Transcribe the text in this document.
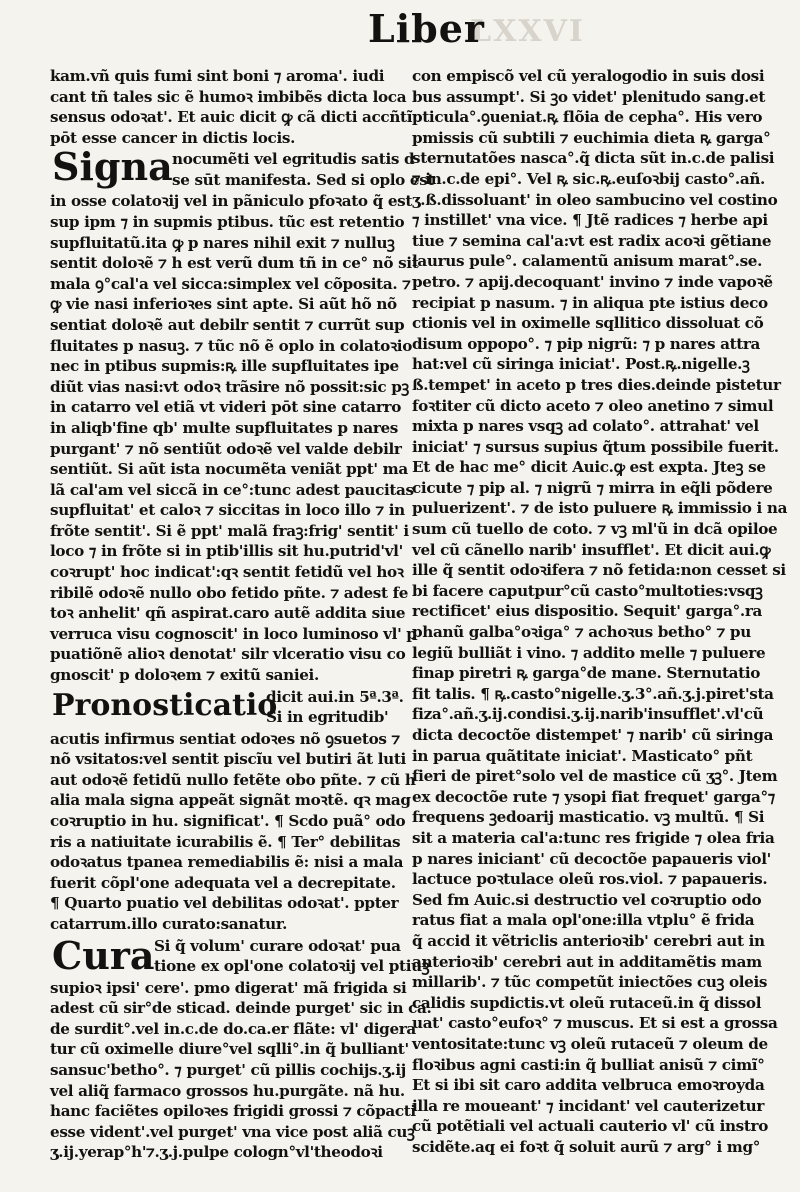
LXXVI
Liber
kam.vñ quis fumi sint boni ⁊ aroma'. iudi
cant tñ tales sic ẽ humoꝛ imbibẽs dicta loca
sensus odoꝛat'. Et auic dicit ꝙ cã dicti accñtĩ
pōt esse cancer in dictis locis.
Signa nocumẽti vel egritudis satis d
se sūt manifesta. Sed si oplo est
in osse colatoꝛij vel in pãniculo pfoꝛato q̃ est
sup ipm ⁊ in supmis ptibus. tũc est retentio
supfluitatũ.ita ꝙ p nares nihil exit ⁊ nulluꝫ
sentit doloꝛẽ ⁊ h est verũ dum tñ in ce° nõ sit
mala ꝯ°cal'a vel sicca:simplex vel cõposita. ⁊
ꝙ vie nasi inferioꝛes sint apte. Si aũt hõ nõ
sentiat doloꝛẽ aut debilr sentit ⁊ currũt sup
fluitates p nasuꝫ. ⁊ tũc nõ ẽ oplo in colatoꝛio
nec in ptibus supmis:ꝶ ille supfluitates ipe
diũt vias nasi:vt odoꝛ trãsire nõ possit:sic pꝫ
in catarro vel etiã vt videri pōt sine catarro
in aliqb'fine qb' multe supfluitates p nares
purgant' ⁊ nõ sentiũt odoꝛẽ vel valde debilr
sentiũt. Si aũt ista nocumẽta veniãt ppt' ma
lã cal'am vel siccã in ce°:tunc adest paucitas
supfluitat' et caloꝛ ⁊ siccitas in loco illo ⁊ in
frõte sentit'. Si ẽ ppt' malã fraꝫ:frig' sentit' i
loco ⁊ in frõte si in ptib'illis sit hu.putrid'vl'
coꝛrupt' hoc indicat':qꝛ sentit fetidũ vel hoꝛ
ribilẽ odoꝛẽ nullo obo fetido pñte. ⁊ adest fe
toꝛ anhelit' qñ aspirat.caro autẽ addita siue
verruca visu cognoscit' in loco luminoso vl' p
puatiõnẽ alioꝛ denotat' silr vlceratio visu co
gnoscit' p doloꝛem ⁊ exitũ saniei.
Pronosticatio
dicit aui.in 5ª.3ª.
Si in egritudib'
acutis infirmus sentiat odoꝛes nõ ꝯsuetos ⁊
nõ vsitatos:vel sentit piscĩu vel butiri ãt luti
aut odoꝛẽ fetidũ nullo fetẽte obo pñte. ⁊ cũ h
alia mala signa appeãt signãt moꝛtẽ. qꝛ mag
coꝛruptio in hu. significat'. ¶ Scdo puã° odo
ris a natiuitate icurabilis ẽ. ¶ Ter° debilitas
odoꝛatus tpanea remediabilis ẽ: nisi a mala
fuerit cõpl'one adequata vel a decrepitate.
¶ Quarto puatio vel debilitas odoꝛat'. ppter
catarrum.illo curato:sanatur.
Cura Si q̃ volum' curare odoꝛat' pua
tione ex opl'one colatoꝛij vel ptiuꝫ
supioꝛ ipsi' cere'. pmo digerat' mã frigida si
adest cũ sir°de sticad. deinde purget' sic in ca.
de surdit°.vel in.c.de do.ca.er flãte: vl' digera
tur cũ oximelle diure°vel sqlli°.in q̃ bulliant'
sansuc'betho°. ⁊ purget' cũ pillis cochijs.ʒ.ij
vel aliq̃ farmaco grossos hu.purgãte. nã hu.
hanc faciẽtes opiloꝛes frigidi grossi ⁊ cõpacti
esse vident'.vel purget' vna vice post aliã cuꝫ
ʒ.ij.yerap°h'⁊.ʒ.j.pulpe cologn°vl'theodoꝛi
con empiscõ vel cũ yeralogodio in suis dosi
bus assumpt'. Si ꝫo videt' plenitudo sang.et
pticula°.ꝯueniat.ꝶ flõia de cepha°. His vero
pmissis cũ subtili ⁊ euchimia dieta ꝶ garga°
sternutatões nasca°.q̃ dicta sũt in.c.de palisi
⁊ in.c.de epi°. Vel ꝶ sic.ꝶ.euſoꝛbij casto°.añ.
ʒ.ß.dissoluant' in oleo sambucino vel costino
⁊ instillet' vna vice. ¶ Jtẽ radices ⁊ herbe api
tiue ⁊ semina cal'a:vt est radix acoꝛi gẽtiane
laurus pule°. calamentũ anisum marat°.se.
petro. ⁊ apij.decoquant' invino ⁊ inde vapoꝛẽ
recipiat p nasum. ⁊ in aliqua pte istius deco
ctionis vel in oximelle sqllitico dissoluat cõ
disum oppopo°. ⁊ pip nigrũ: ⁊ p nares attra
hat:vel cũ siringa iniciat'. Post.ꝶ.nigelle.ꝫ
ß.tempet' in aceto p tres dies.deinde pistetur
foꝛtiter cũ dicto aceto ⁊ oleo anetino ⁊ simul
mixta p nares vsqꝫ ad colato°. attrahat' vel
iniciat' ⁊ sursus supius q̃tum possibile fuerit.
Et de hac me° dicit Auic.ꝙ est expta. Jteꝫ se
cicute ⁊ pip al. ⁊ nigrũ ⁊ mirra in eq̃li põdere
puluerizent'. ⁊ de isto puluere ꝶ immissio i na
sum cũ tuello de coto. ⁊ vꝫ ml'ũ in dcã opiloe
vel cũ cãnello narib' insufflet'. Et dicit aui.ꝙ
ille q̃ sentit odoꝛifera ⁊ nõ fetida:non cesset si
bi facere caputpur°cũ casto°multoties:vsqꝫ
rectificet' eius dispositio. Sequit' garga°.ra
phanũ galba°oꝛiga° ⁊ achoꝛus betho° ⁊ pu
legiũ bulliãt i vino. ⁊ addito melle ⁊ puluere
finap piretri ꝶ garga°de mane. Sternutatio
fit talis. ¶ ꝶ.casto°nigelle.ʒ.3°.añ.ʒ.j.piret'sta
fiza°.añ.ʒ.ij.condisi.ʒ.ij.narib'insufflet'.vl'cũ
dicta decoctõe distempet' ⁊ narib' cũ siringa
in parua quãtitate iniciat'. Masticato° pñt
fieri de piret°solo vel de mastice cũ ʒꝫ°. Jtem
ex decoctõe rute ⁊ ysopi fiat frequet' garga°⁊
frequens ꝫedoarij masticatio. vꝫ multũ. ¶ Si
sit a materia cal'a:tunc res frigide ⁊ olea fria
p nares iniciant' cũ decoctõe papaueris viol'
lactuce poꝛtulace oleũ ros.viol. ⁊ papaueris.
Sed fm Auic.si destructio vel coꝛruptio odo
ratus fiat a mala opl'one:illa vtplu° ẽ frida
q̃ accid it vẽtriclis anterioꝛib' cerebri aut in
anterioꝛib' cerebri aut in additamẽtis mam
millarib'. ⁊ tũc competũt iniectões cuꝫ oleis
calidis supdictis.vt oleũ rutaceũ.in q̃ dissol
uat' casto°eufoꝛ° ⁊ muscus. Et si est a grossa
ventositate:tunc vꝫ oleũ rutaceũ ⁊ oleum de
floꝛibus agni casti:in q̃ bulliat anisũ ⁊ cimĩ°
Et si ibi sit caro addita velbruca emoꝛroyda
illa re moueant' ⁊ incidant' vel cauterizetur
cũ potẽtiali vel actuali cauterio vl' cũ instro
scidẽte.aq ei foꝛt q̃ soluit aurũ ⁊ arg° i mg°
